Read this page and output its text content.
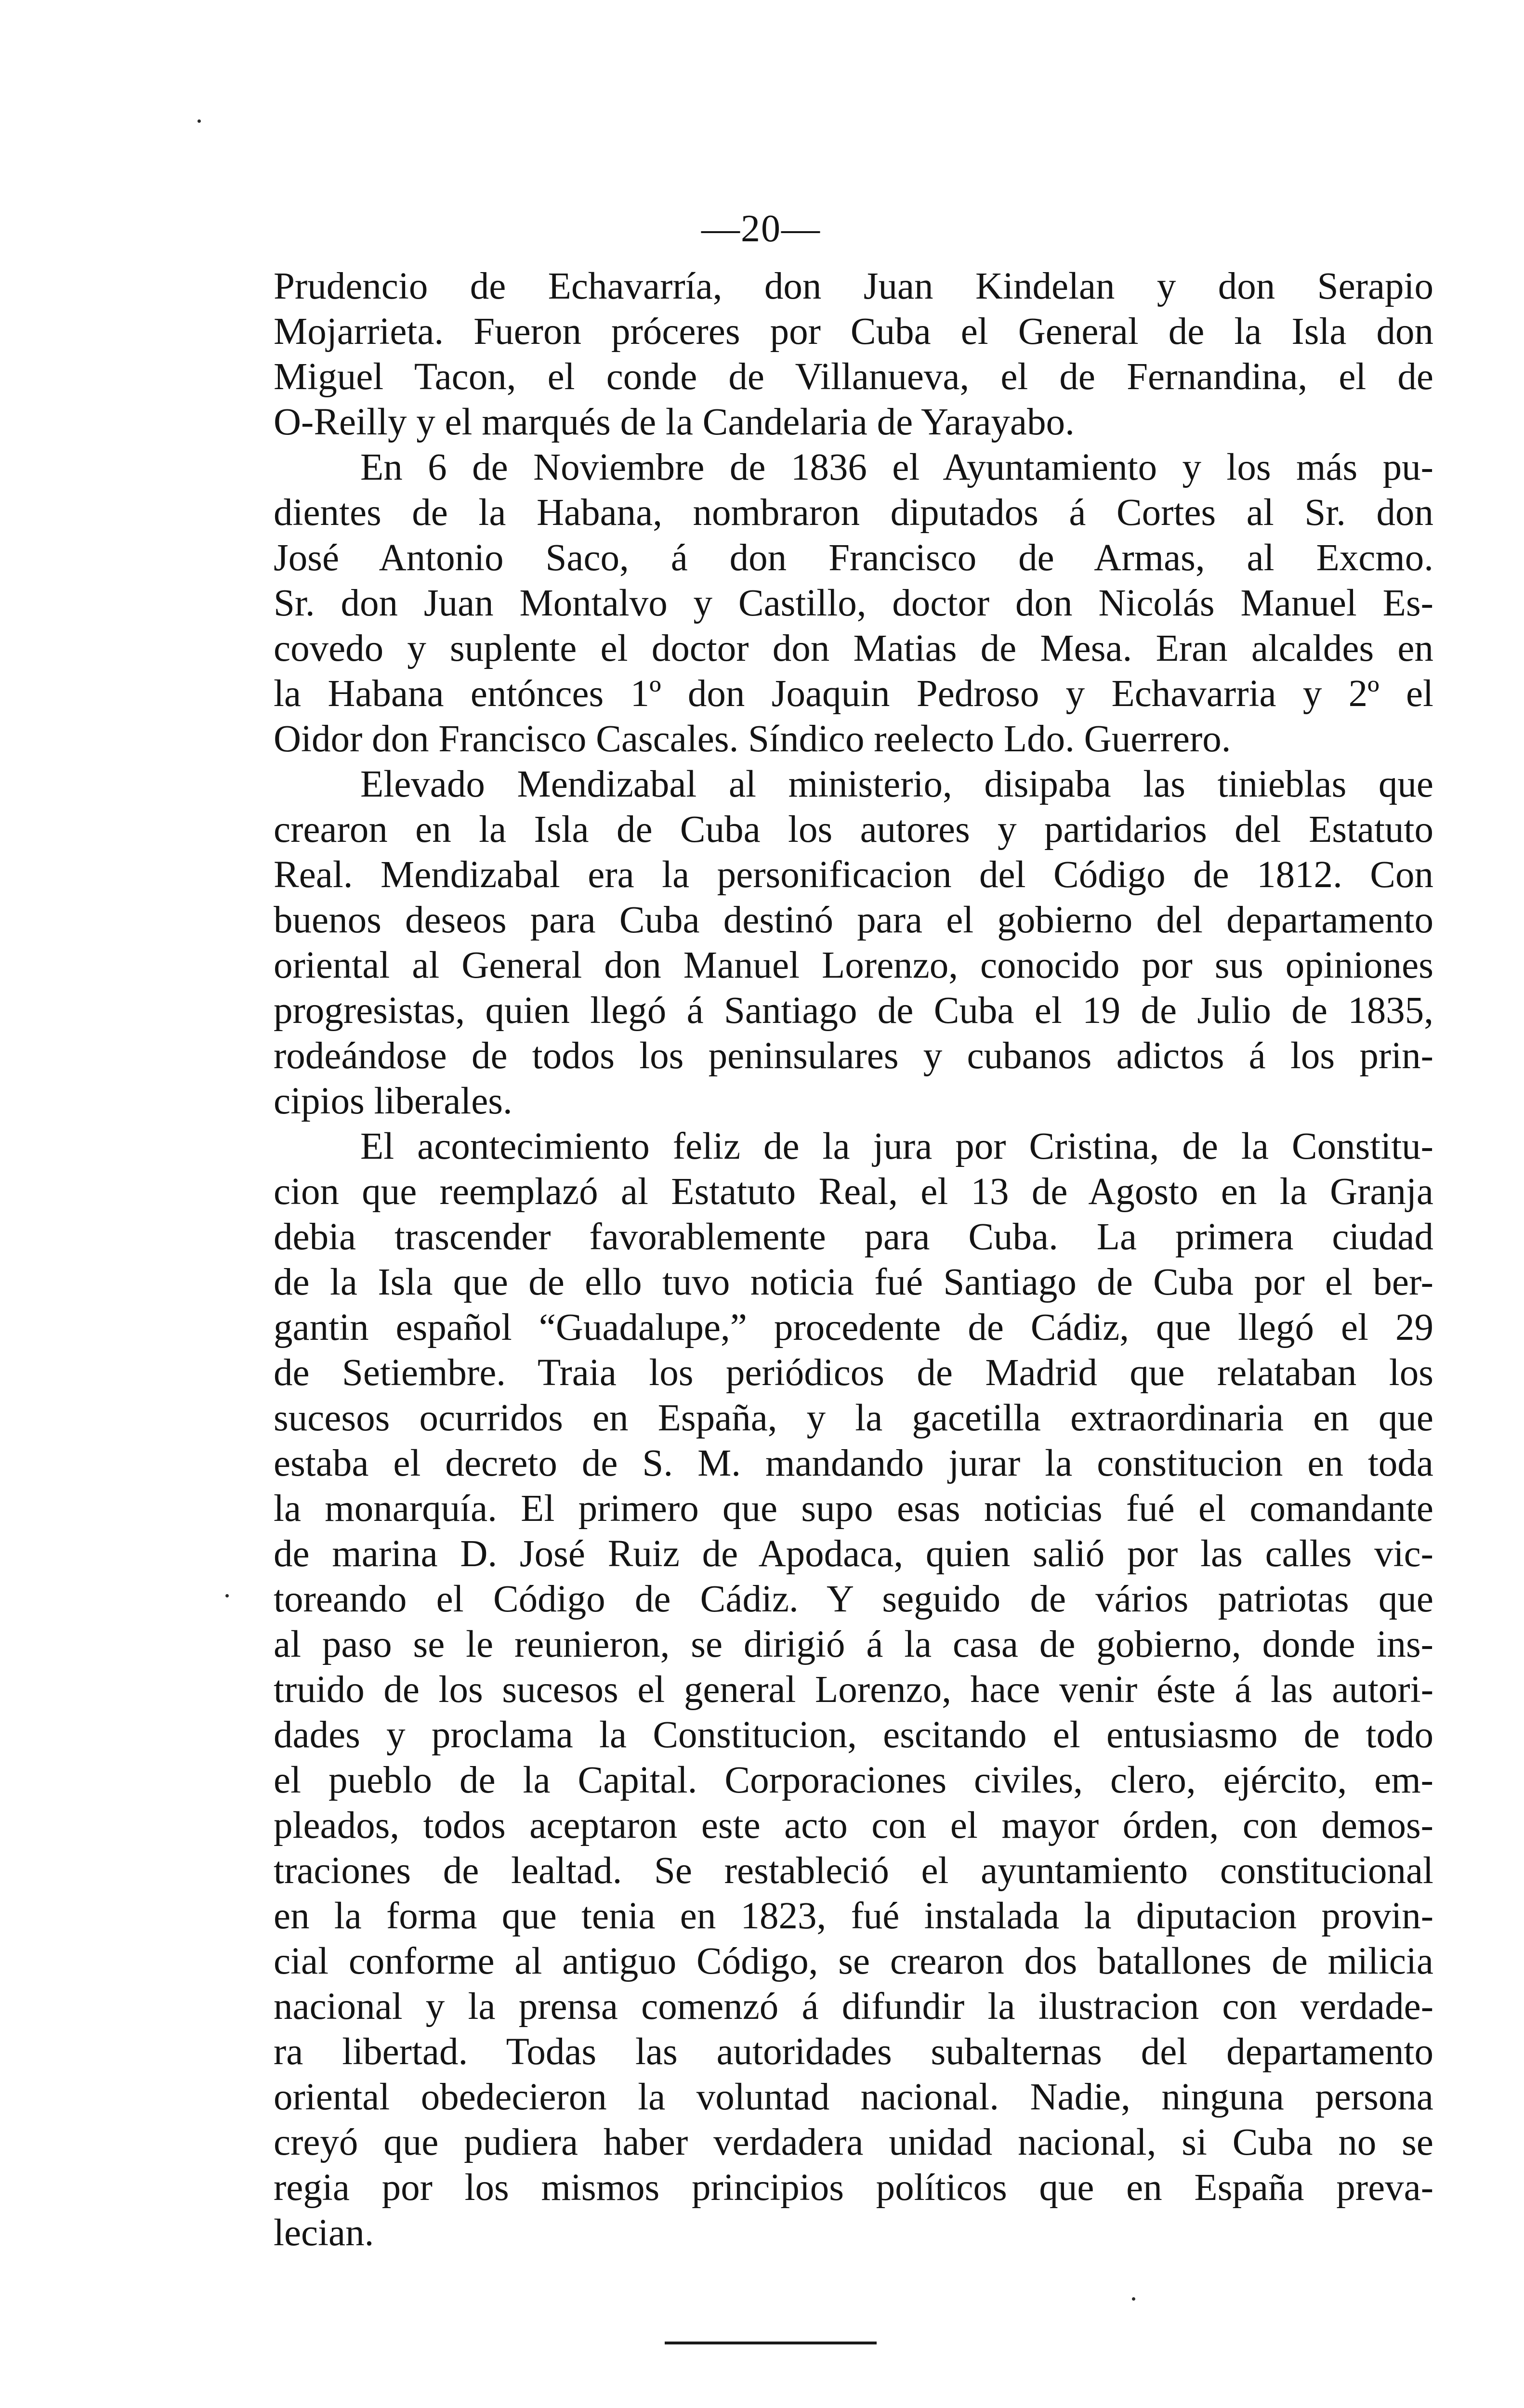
—20—
Prudencio de Echavarría, don Juan Kindelan y don Serapio
Mojarrieta. Fueron próceres por Cuba el General de la Isla don
Miguel Tacon, el conde de Villanueva, el de Fernandina, el de
O-Reilly y el marqués de la Candelaria de Yarayabo.
En 6 de Noviembre de 1836 el Ayuntamiento y los más pu-
dientes de la Habana, nombraron diputados á Cortes al Sr. don
José Antonio Saco, á don Francisco de Armas, al Excmo.
Sr. don Juan Montalvo y Castillo, doctor don Nicolás Manuel Es-
covedo y suplente el doctor don Matias de Mesa. Eran alcaldes en
la Habana entónces 1º don Joaquin Pedroso y Echavarria y 2º el
Oidor don Francisco Cascales. Síndico reelecto Ldo. Guerrero.
Elevado Mendizabal al ministerio, disipaba las tinieblas que
crearon en la Isla de Cuba los autores y partidarios del Estatuto
Real. Mendizabal era la personificacion del Código de 1812. Con
buenos deseos para Cuba destinó para el gobierno del departamento
oriental al General don Manuel Lorenzo, conocido por sus opiniones
progresistas, quien llegó á Santiago de Cuba el 19 de Julio de 1835,
rodeándose de todos los peninsulares y cubanos adictos á los prin-
cipios liberales.
El acontecimiento feliz de la jura por Cristina, de la Constitu-
cion que reemplazó al Estatuto Real, el 13 de Agosto en la Granja
debia trascender favorablemente para Cuba. La primera ciudad
de la Isla que de ello tuvo noticia fué Santiago de Cuba por el ber-
gantin español “Guadalupe,” procedente de Cádiz, que llegó el 29
de Setiembre. Traia los periódicos de Madrid que relataban los
sucesos ocurridos en España, y la gacetilla extraordinaria en que
estaba el decreto de S. M. mandando jurar la constitucion en toda
la monarquía. El primero que supo esas noticias fué el comandante
de marina D. José Ruiz de Apodaca, quien salió por las calles vic-
toreando el Código de Cádiz. Y seguido de vários patriotas que
al paso se le reunieron, se dirigió á la casa de gobierno, donde ins-
truido de los sucesos el general Lorenzo, hace venir éste á las autori-
dades y proclama la Constitucion, escitando el entusiasmo de todo
el pueblo de la Capital. Corporaciones civiles, clero, ejército, em-
pleados, todos aceptaron este acto con el mayor órden, con demos-
traciones de lealtad. Se restableció el ayuntamiento constitucional
en la forma que tenia en 1823, fué instalada la diputacion provin-
cial conforme al antiguo Código, se crearon dos batallones de milicia
nacional y la prensa comenzó á difundir la ilustracion con verdade-
ra libertad. Todas las autoridades subalternas del departamento
oriental obedecieron la voluntad nacional. Nadie, ninguna persona
creyó que pudiera haber verdadera unidad nacional, si Cuba no se
regia por los mismos principios políticos que en España preva-
lecian.
